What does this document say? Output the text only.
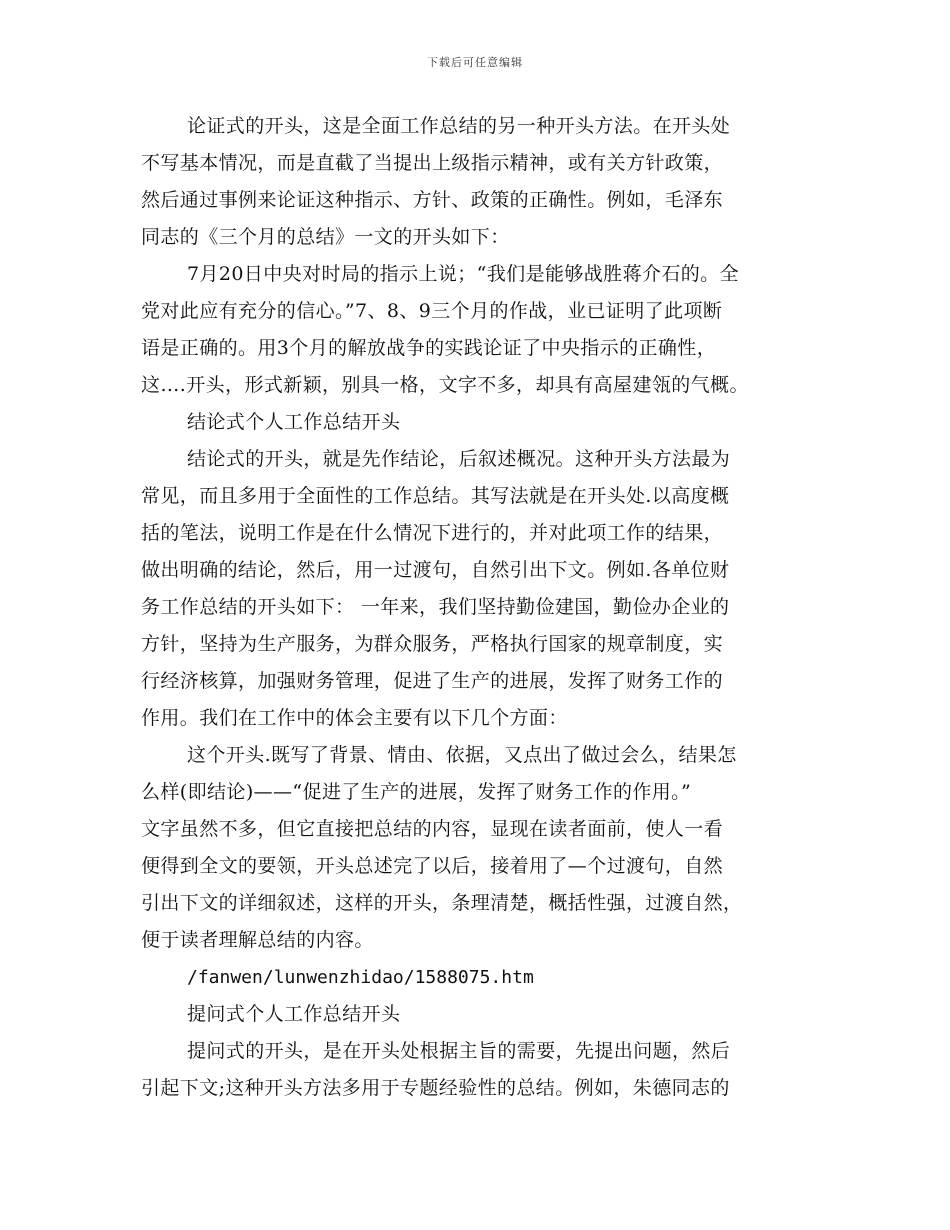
下载后可任意编辑
论证式的开头，这是全面工作总结的另一种开头方法。在开头处
不写基本情况，而是直截了当提出上级指示精神，或有关方针政策，
然后通过事例来论证这种指示、方针、政策的正确性。例如，毛泽东
同志的《三个月的总结》一文的开头如下：
7月20日中央对时局的指示上说；“我们是能够战胜蒋介石的。全
党对此应有充分的信心。”7、8、9三个月的作战，业已证明了此项断
语是正确的。用3个月的解放战争的实践论证了中央指示的正确性，
这….开头，形式新颖，别具一格，文字不多，却具有高屋建瓴的气概。
结论式个人工作总结开头
结论式的开头，就是先作结论，后叙述概况。这种开头方法最为
常见，而且多用于全面性的工作总结。其写法就是在开头处.以高度概
括的笔法，说明工作是在什么情况下进行的，并对此项工作的结果，
做出明确的结论，然后，用一过渡句，自然引出下文。例如.各单位财
务工作总结的开头如下： 一年来，我们坚持勤俭建国，勤俭办企业的
方针，坚持为生产服务，为群众服务，严格执行国家的规章制度，实
行经济核算，加强财务管理，促进了生产的进展，发挥了财务工作的
作用。我们在工作中的体会主要有以下几个方面：
这个开头.既写了背景、情由、依据，又点出了做过会么，结果怎
么样(即结论)——“促进了生产的进展，发挥了财务工作的作用。”
文字虽然不多，但它直接把总结的内容，显现在读者面前，使人一看
便得到全文的要领，开头总述完了以后，接着用了—个过渡句，自然
引出下文的详细叙述，这样的开头，条理清楚，概括性强，过渡自然，
便于读者理解总结的内容。
/fanwen/lunwenzhidao/1588075.htm
提问式个人工作总结开头
提问式的开头，是在开头处根据主旨的需要，先提出问题，然后
引起下文;这种开头方法多用于专题经验性的总结。例如，朱德同志的
